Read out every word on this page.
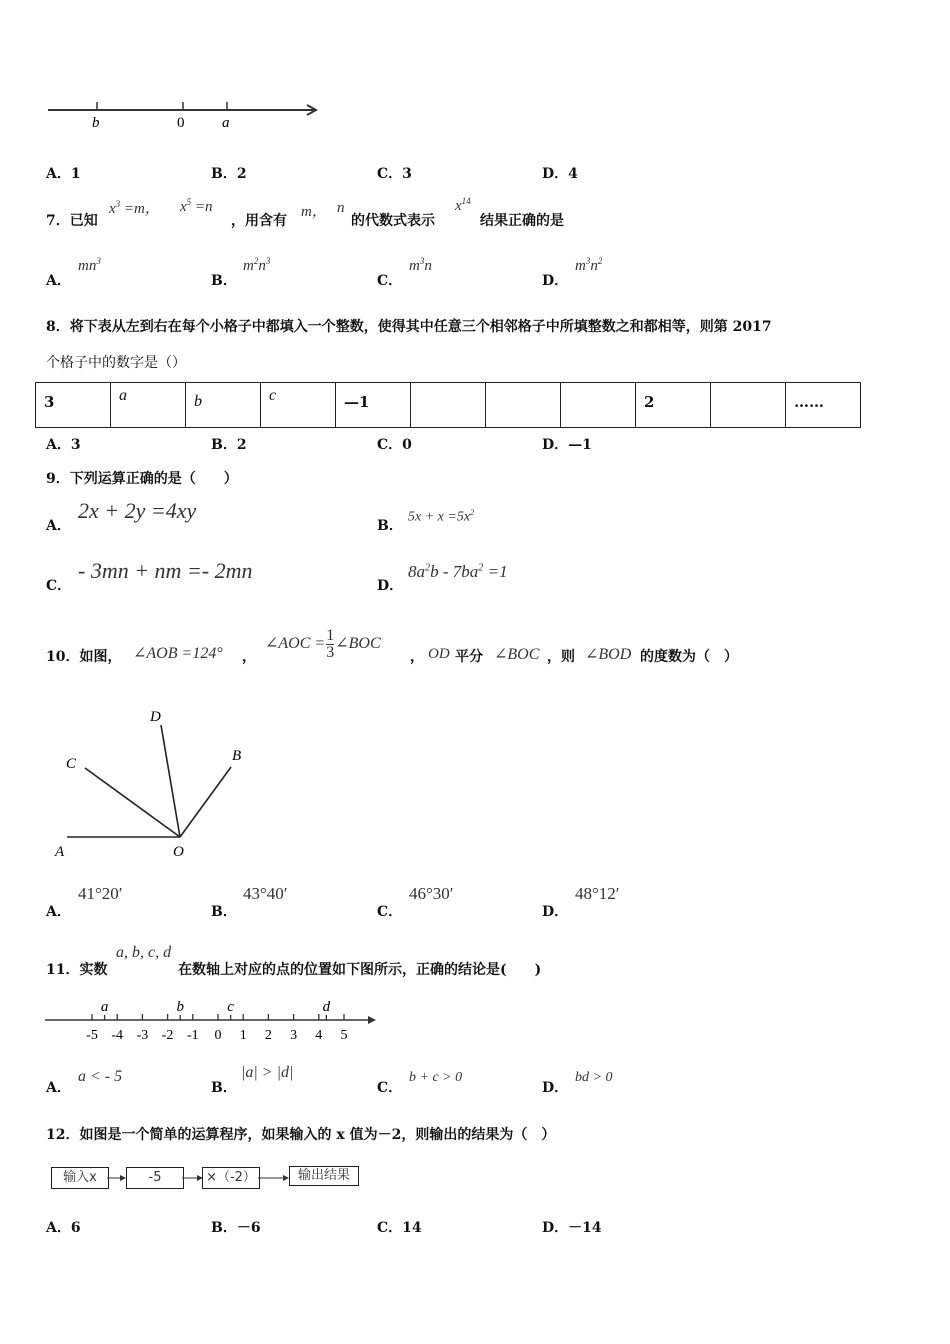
b	0	a
A．1	B．2	C．3	D．4
7．已知
$x^3 =m$， $x^5 =n$
，用含有
m， n
的代数式表示
$x^{14}$
结果正确的是
A．
$mn^3$
B．
$m^2n^3$
C．
$m^3n$
D．
$m^3n^2$
8．将下表从左到右在每个小格子中都填入一个整数，使得其中任意三个相邻格子中所填整数之和都相等，则第 2017
个格子中的数字是（）
3	a	b	c	—1				2		……
A．3	B．2	C．0	D．—1
9．下列运算正确的是（　　）
A．
2x + 2y =4xy
B．
$5x + x =5x^2$
C．
- 3mn + nm =- 2mn
D．
$8a^2b - 7ba^2 =1$
10．如图， ∠AOB =124° ，
∠AOC = $\frac{1}{3}$ ∠BOC
， OD 平分 ∠BOC ，则 ∠BOD 的度数为（　）
D
C	B
A	O
A．
41°20′
B．
43°40′
C．
46°30′
D．
48°12′
11．实数
a, b, c, d
在数轴上对应的点的位置如下图所示，正确的结论是(　　)
-5 -4 -3 -2 -1 0 1 2 3 4 5
a	b	c	d
A．
a < - 5
B．
|a| > |d|
C．
b + c > 0
D．
bd > 0
12．如图是一个简单的运算程序，如果输入的 x 值为－2，则输出的结果为（　）
输入x	-5	×（-2）	输出结果
A．6	B．－6	C．14	D．－14
